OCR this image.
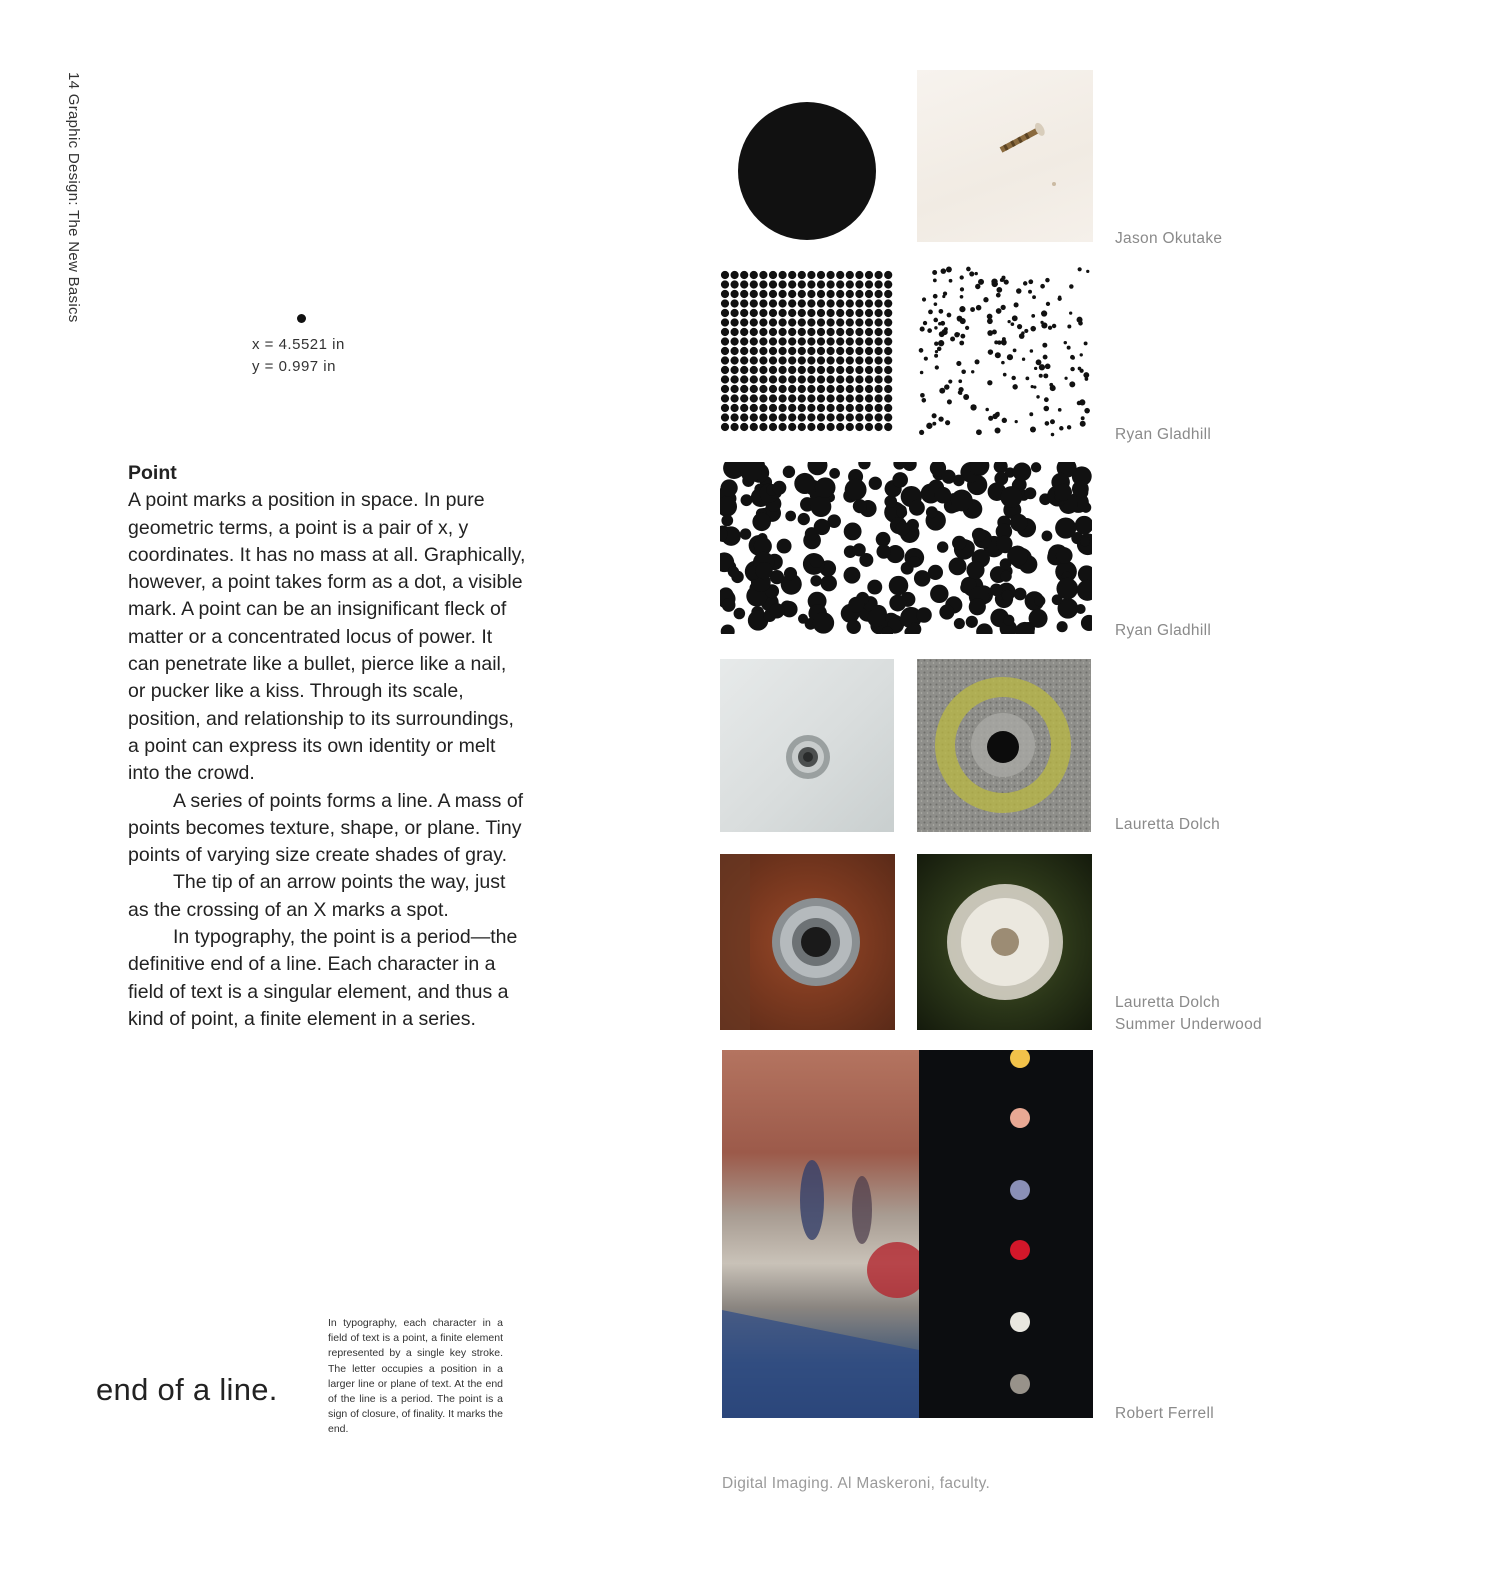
14 Graphic Design: The New Basics
x = 4.5521 in
y = 0.997 in
Point

A point marks a position in space. In pure geometric terms, a point is a pair of x, y coordinates. It has no mass at all. Graphically, however, a point takes form as a dot, a visible mark. A point can be an insignificant fleck of matter or a concentrated locus of power. It can penetrate like a bullet, pierce like a nail, or pucker like a kiss. Through its scale, position, and relationship to its surroundings, a point can express its own identity or melt into the crowd.

A series of points forms a line. A mass of points becomes texture, shape, or plane. Tiny points of varying size create shades of gray.

The tip of an arrow points the way, just as the crossing of an X marks a spot.

In typography, the point is a period—the definitive end of a line. Each character in a field of text is a singular element, and thus a kind of point, a finite element in a series.

end of a line.
In typography, each character in a field of text is a point, a finite element represented by a single key stroke. The letter occupies a position in a larger line or plane of text. At the end of the line is a period. The point is a sign of closure, of finality. It marks the end.
Jason Okutake
Ryan Gladhill
Ryan Gladhill
Lauretta Dolch
Lauretta Dolch
Summer Underwood
Robert Ferrell
Digital Imaging. Al Maskeroni, faculty.
